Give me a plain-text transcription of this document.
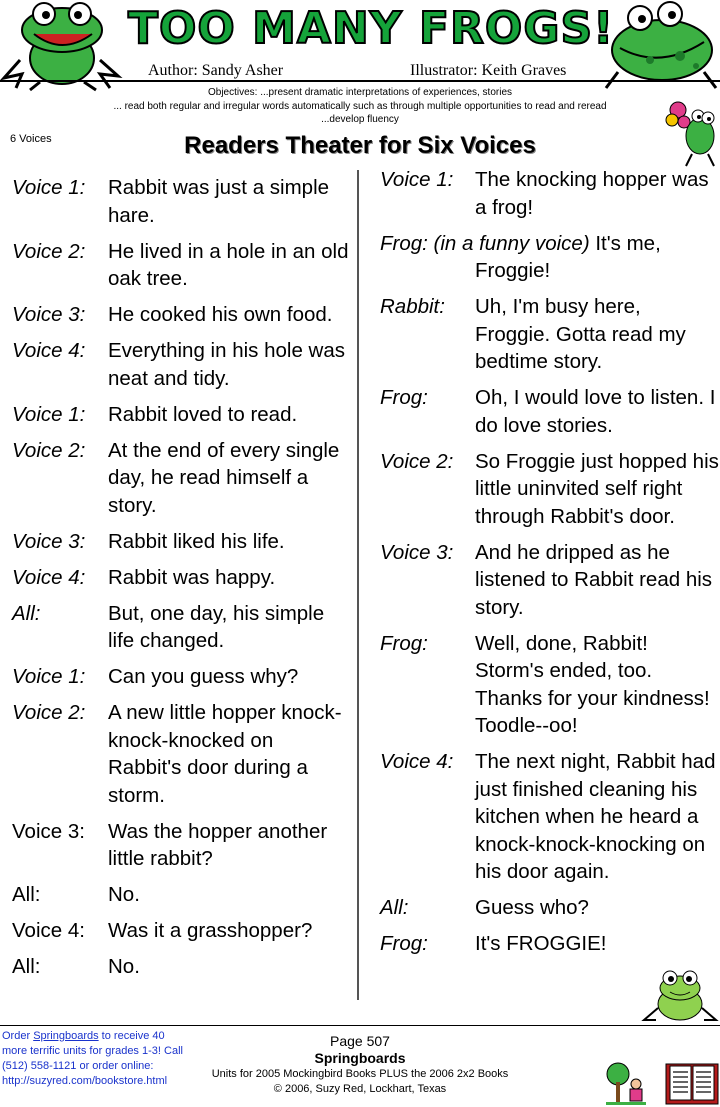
TOO MANY FROGS!
Author: Sandy Asher	Illustrator: Keith Graves
Objectives: ...present dramatic interpretations of experiences, stories
... read both regular and irregular words automatically such as through multiple opportunities to read and reread
...develop fluency
6 Voices	Readers Theater for Six Voices
Voice 1: Rabbit was just a simple hare.
Voice 2: He lived in a hole in an old oak tree.
Voice 3: He cooked his own food.
Voice 4: Everything in his hole was neat and tidy.
Voice 1: Rabbit loved to read.
Voice 2: At the end of every single day, he read himself a story.
Voice 3: Rabbit liked his life.
Voice 4: Rabbit was happy.
All:	But, one day, his simple life changed.
Voice 1: Can you guess why?
Voice 2: A new little hopper knock-knock-knocked on Rabbit's door during a storm.
Voice 3: Was the hopper another little rabbit?
All:	No.
Voice 4: Was it a grasshopper?
All:	No.
Voice 1: The knocking hopper was a frog!
Frog: (in a funny voice) It's me, Froggie!
Rabbit: Uh, I'm busy here, Froggie. Gotta read my bedtime story.
Frog: Oh, I would love to listen. I do love stories.
Voice 2: So Froggie just hopped his little uninvited self right through Rabbit's door.
Voice 3: And he dripped as he listened to Rabbit read his story.
Frog: Well, done, Rabbit! Storm's ended, too. Thanks for your kindness! Toodle--oo!
Voice 4: The next night, Rabbit had just finished cleaning his kitchen when he heard a knock-knock-knocking on his door again.
All:	Guess who?
Frog: It's FROGGIE!
Order Springboards to receive 40 more terrific units for grades 1-3! Call (512) 558-1121 or order online: http://suzyred.com/bookstore.html
Page 507
Springboards
Units for 2005 Mockingbird Books PLUS the 2006 2x2 Books
© 2006, Suzy Red, Lockhart, Texas
